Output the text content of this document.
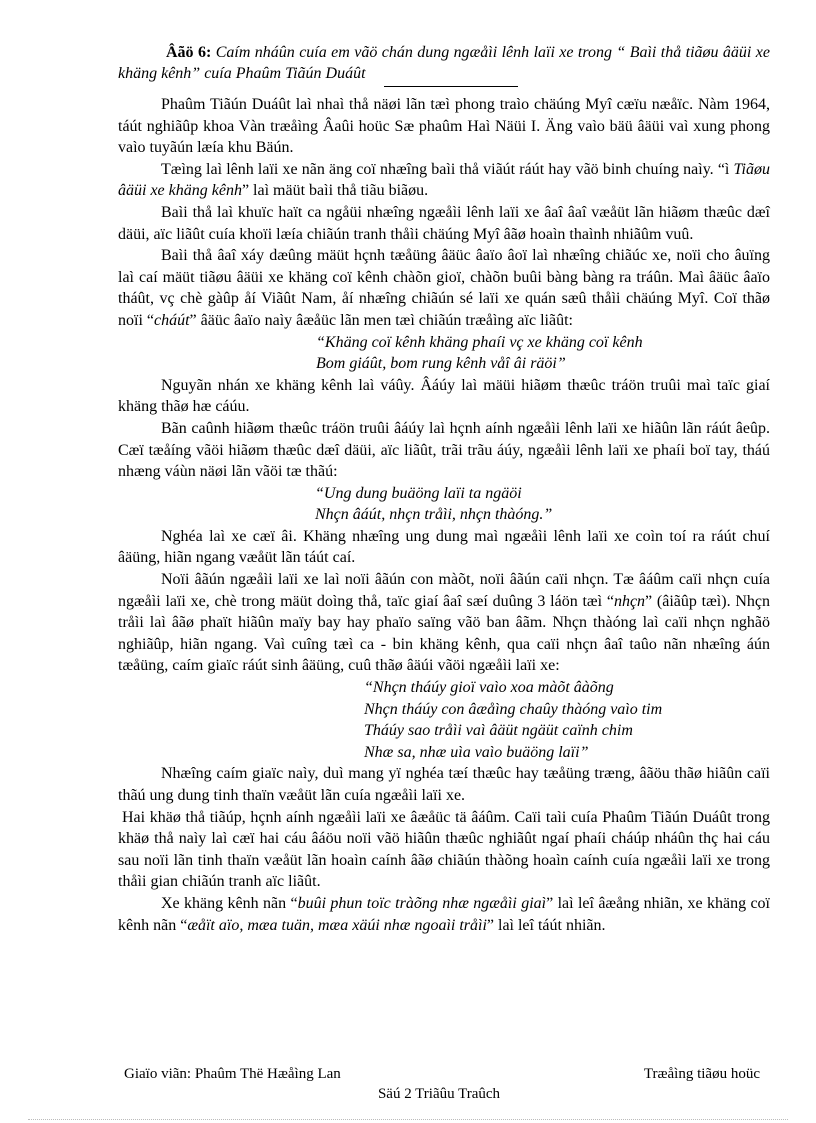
Âãö 6: Caím nháûn cuía em vãö chán dung ngæåìi lênh laïi xe trong “ Baìi thå tiãøu âäüi xe khäng kênh” cuía Phaûm Tiãún Duáût

Phaûm Tiãún Duáût laì nhaì thå näøi lãn tæì phong traìo chäúng Myî cæïu næåïc. Nàm 1964, táút nghiãûp khoa Vàn træåìng Âaûi hoüc Sæ phaûm Haì Näüi I. Äng vaìo bäü âäüi vaì xung phong vaìo tuyãún læía khu Bäún.

Tæìng laì lênh laïi xe nãn äng coï nhæîng baìi thå viãút ráút hay vãö binh chuíng naìy. “ì Tiãøu âäüi xe khäng kênh” laì mäüt baìi thå tiãu biãøu.

Baìi thå laì khuïc haït ca ngåüi nhæîng ngæåìi lênh laïi xe âaî âaî væåüt lãn hiãøm thæûc dæî däüi, aïc liãût cuía khoïi læía chiãún tranh thåìi chäúng Myî âãø hoaìn thaình nhiãûm vuû.

Baìi thå âaî xáy dæûng mäüt hçnh tæåüng âäüc âaïo âoï laì nhæîng chiãúc xe, noïi cho âuïng laì caí mäüt tiãøu âäüi xe khäng coï kênh chàõn gioï, chàõn buûi bàng bàng ra tráûn. Maì âäüc âaïo tháût, vç chè gàûp åí Viãût Nam, åí nhæîng chiãún sé laïi xe quán sæû thåìi chäúng Myî. Coï thãø noïi “cháút” âäüc âaïo naìy âæåüc lãn men tæì chiãún træåìng aïc liãût:

“Khäng coï kênh khäng phaíi vç xe khäng coï kênh
Bom giáût, bom rung kênh våî âi räöi”

Nguyãn nhán xe khäng kênh laì váûy. Âáúy laì mäüi hiãøm thæûc tráön truûi maì taïc giaí khäng thãø hæ cáúu.

Bãn caûnh hiãøm thæûc tráön truûi âáúy laì hçnh aính ngæåìi lênh laïi xe hiãûn lãn ráút âeûp. Cæï tæåíng vãöi hiãøm thæûc dæî däüi, aïc liãût, trãi trãu áúy, ngæåìi lênh laïi xe phaíi boï tay, tháú nhæng váùn näøi lãn vãöi tæ thãú:

“Ung dung buäöng laïi ta ngäöi
Nhçn âáút, nhçn tråìi, nhçn thàóng.”

Nghéa laì xe cæï âi. Khäng nhæîng ung dung maì ngæåìi lênh laïi xe coìn toí ra ráút chuí âäüng, hiãn ngang væåüt lãn táút caí.

Noïi âãún ngæåìi laïi xe laì noïi âãún con màõt, noïi âãún caïi nhçn. Tæ âáûm caïi nhçn cuía ngæåìi laïi xe, chè trong mäüt doìng thå, taïc giaí âaî sæí duûng 3 láön tæì “nhçn” (âiãûp tæì). Nhçn tråìi laì âãø phaït hiãûn maïy bay hay phaïo saïng vãö ban âãm. Nhçn thàóng laì caïi nhçn nghãö nghiãûp, hiãn ngang. Vaì cuîng tæì ca - bin khäng kênh, qua caïi nhçn âaî taûo nãn nhæîng áún tæåüng, caím giaïc ráút sinh âäüng, cuû thãø âäúi vãöi ngæåìi laïi xe:

“Nhçn tháúy gioï vaìo xoa màõt âàõng
Nhçn tháúy con âæåìng chaûy thàóng vaìo tim
Tháúy sao tråìi vaì âäüt ngäüt caïnh chim
Nhæ sa, nhæ uìa vaìo buäöng laïi”

Nhæîng caím giaïc naìy, duì mang yï nghéa tæí thæûc hay tæåüng træng, âãöu thãø hiãûn caïi thãú ung dung tinh thaïn væåüt lãn cuía ngæåìi laïi xe.

Hai khäø thå tiãúp, hçnh aính ngæåìi laïi xe âæåüc tä âáûm. Caïi taìi cuía Phaûm Tiãún Duáût trong khäø thå naìy laì cæï hai cáu âáöu noïi vãö hiãûn thæûc nghiãût ngaí phaíi cháúp nháûn thç hai cáu sau noïi lãn tinh thaïn væåüt lãn hoaìn caính âãø chiãún thàõng hoaìn caính cuía ngæåìi laïi xe trong thåìi gian chiãún tranh aïc liãût.

Xe khäng kênh nãn “buûi phun toïc tràõng nhæ ngæåìi giaì” laì leî âæång nhiãn, xe khäng coï kênh nãn “æåït aïo, mæa tuän, mæa xäúi nhæ ngoaìi tråìi” laì leî táút nhiãn.

Giaïo viãn: Phaûm Thë Hæåìng Lan	Træåìng tiãøu hoüc
Säú 2 Triãûu Traûch
